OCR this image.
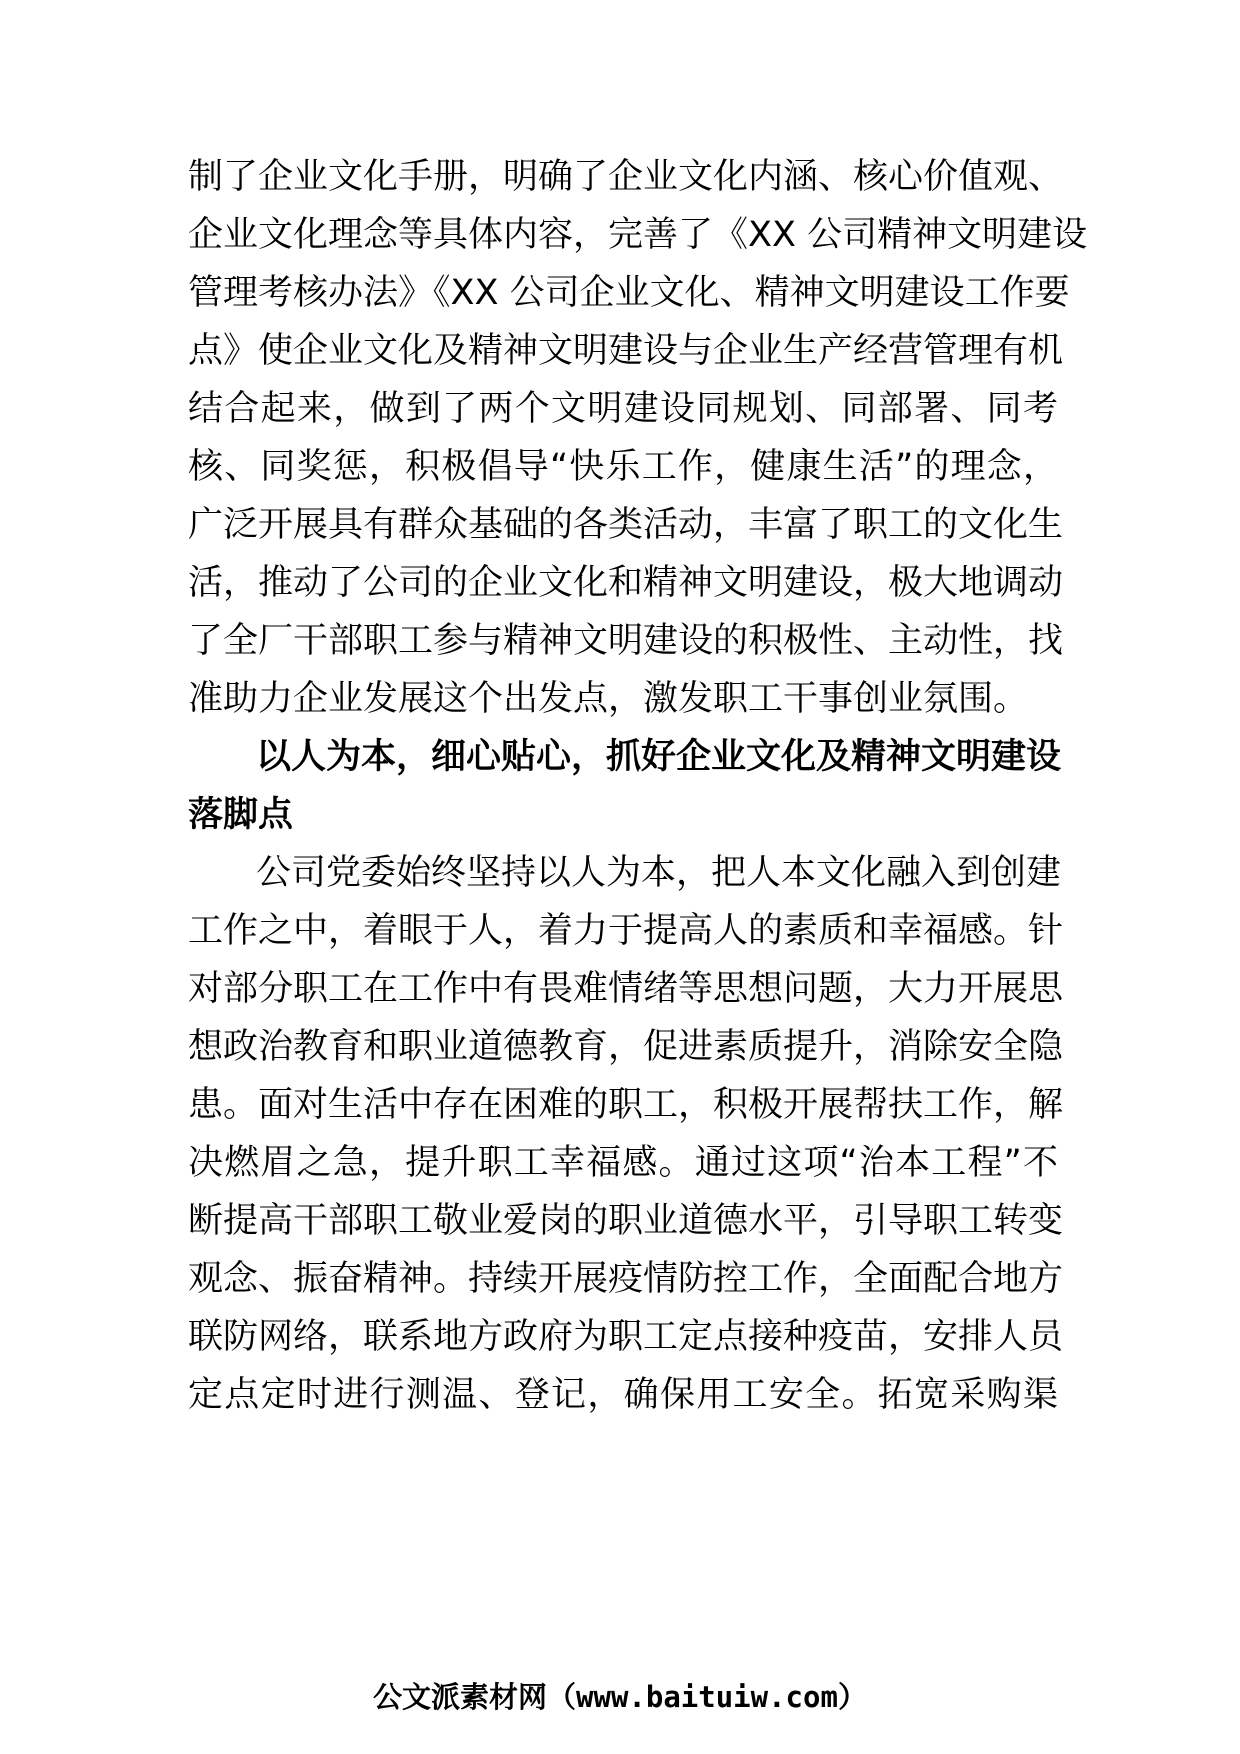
制了企业文化手册，明确了企业文化内涵、核心价值观、
企业文化理念等具体内容，完善了《XX 公司精神文明建设
管理考核办法》《XX 公司企业文化、精神文明建设工作要
点》使企业文化及精神文明建设与企业生产经营管理有机
结合起来，做到了两个文明建设同规划、同部署、同考
核、同奖惩，积极倡导“快乐工作，健康生活”的理念，
广泛开展具有群众基础的各类活动，丰富了职工的文化生
活，推动了公司的企业文化和精神文明建设，极大地调动
了全厂干部职工参与精神文明建设的积极性、主动性，找
准助力企业发展这个出发点，激发职工干事创业氛围。
以人为本，细心贴心，抓好企业文化及精神文明建设
落脚点
公司党委始终坚持以人为本，把人本文化融入到创建
工作之中，着眼于人，着力于提高人的素质和幸福感。针
对部分职工在工作中有畏难情绪等思想问题，大力开展思
想政治教育和职业道德教育，促进素质提升，消除安全隐
患。面对生活中存在困难的职工，积极开展帮扶工作，解
决燃眉之急，提升职工幸福感。通过这项“治本工程”不
断提高干部职工敬业爱岗的职业道德水平，引导职工转变
观念、振奋精神。持续开展疫情防控工作，全面配合地方
联防网络，联系地方政府为职工定点接种疫苗，安排人员
定点定时进行测温、登记，确保用工安全。拓宽采购渠
公文派素材网（www.baituiw.com）
